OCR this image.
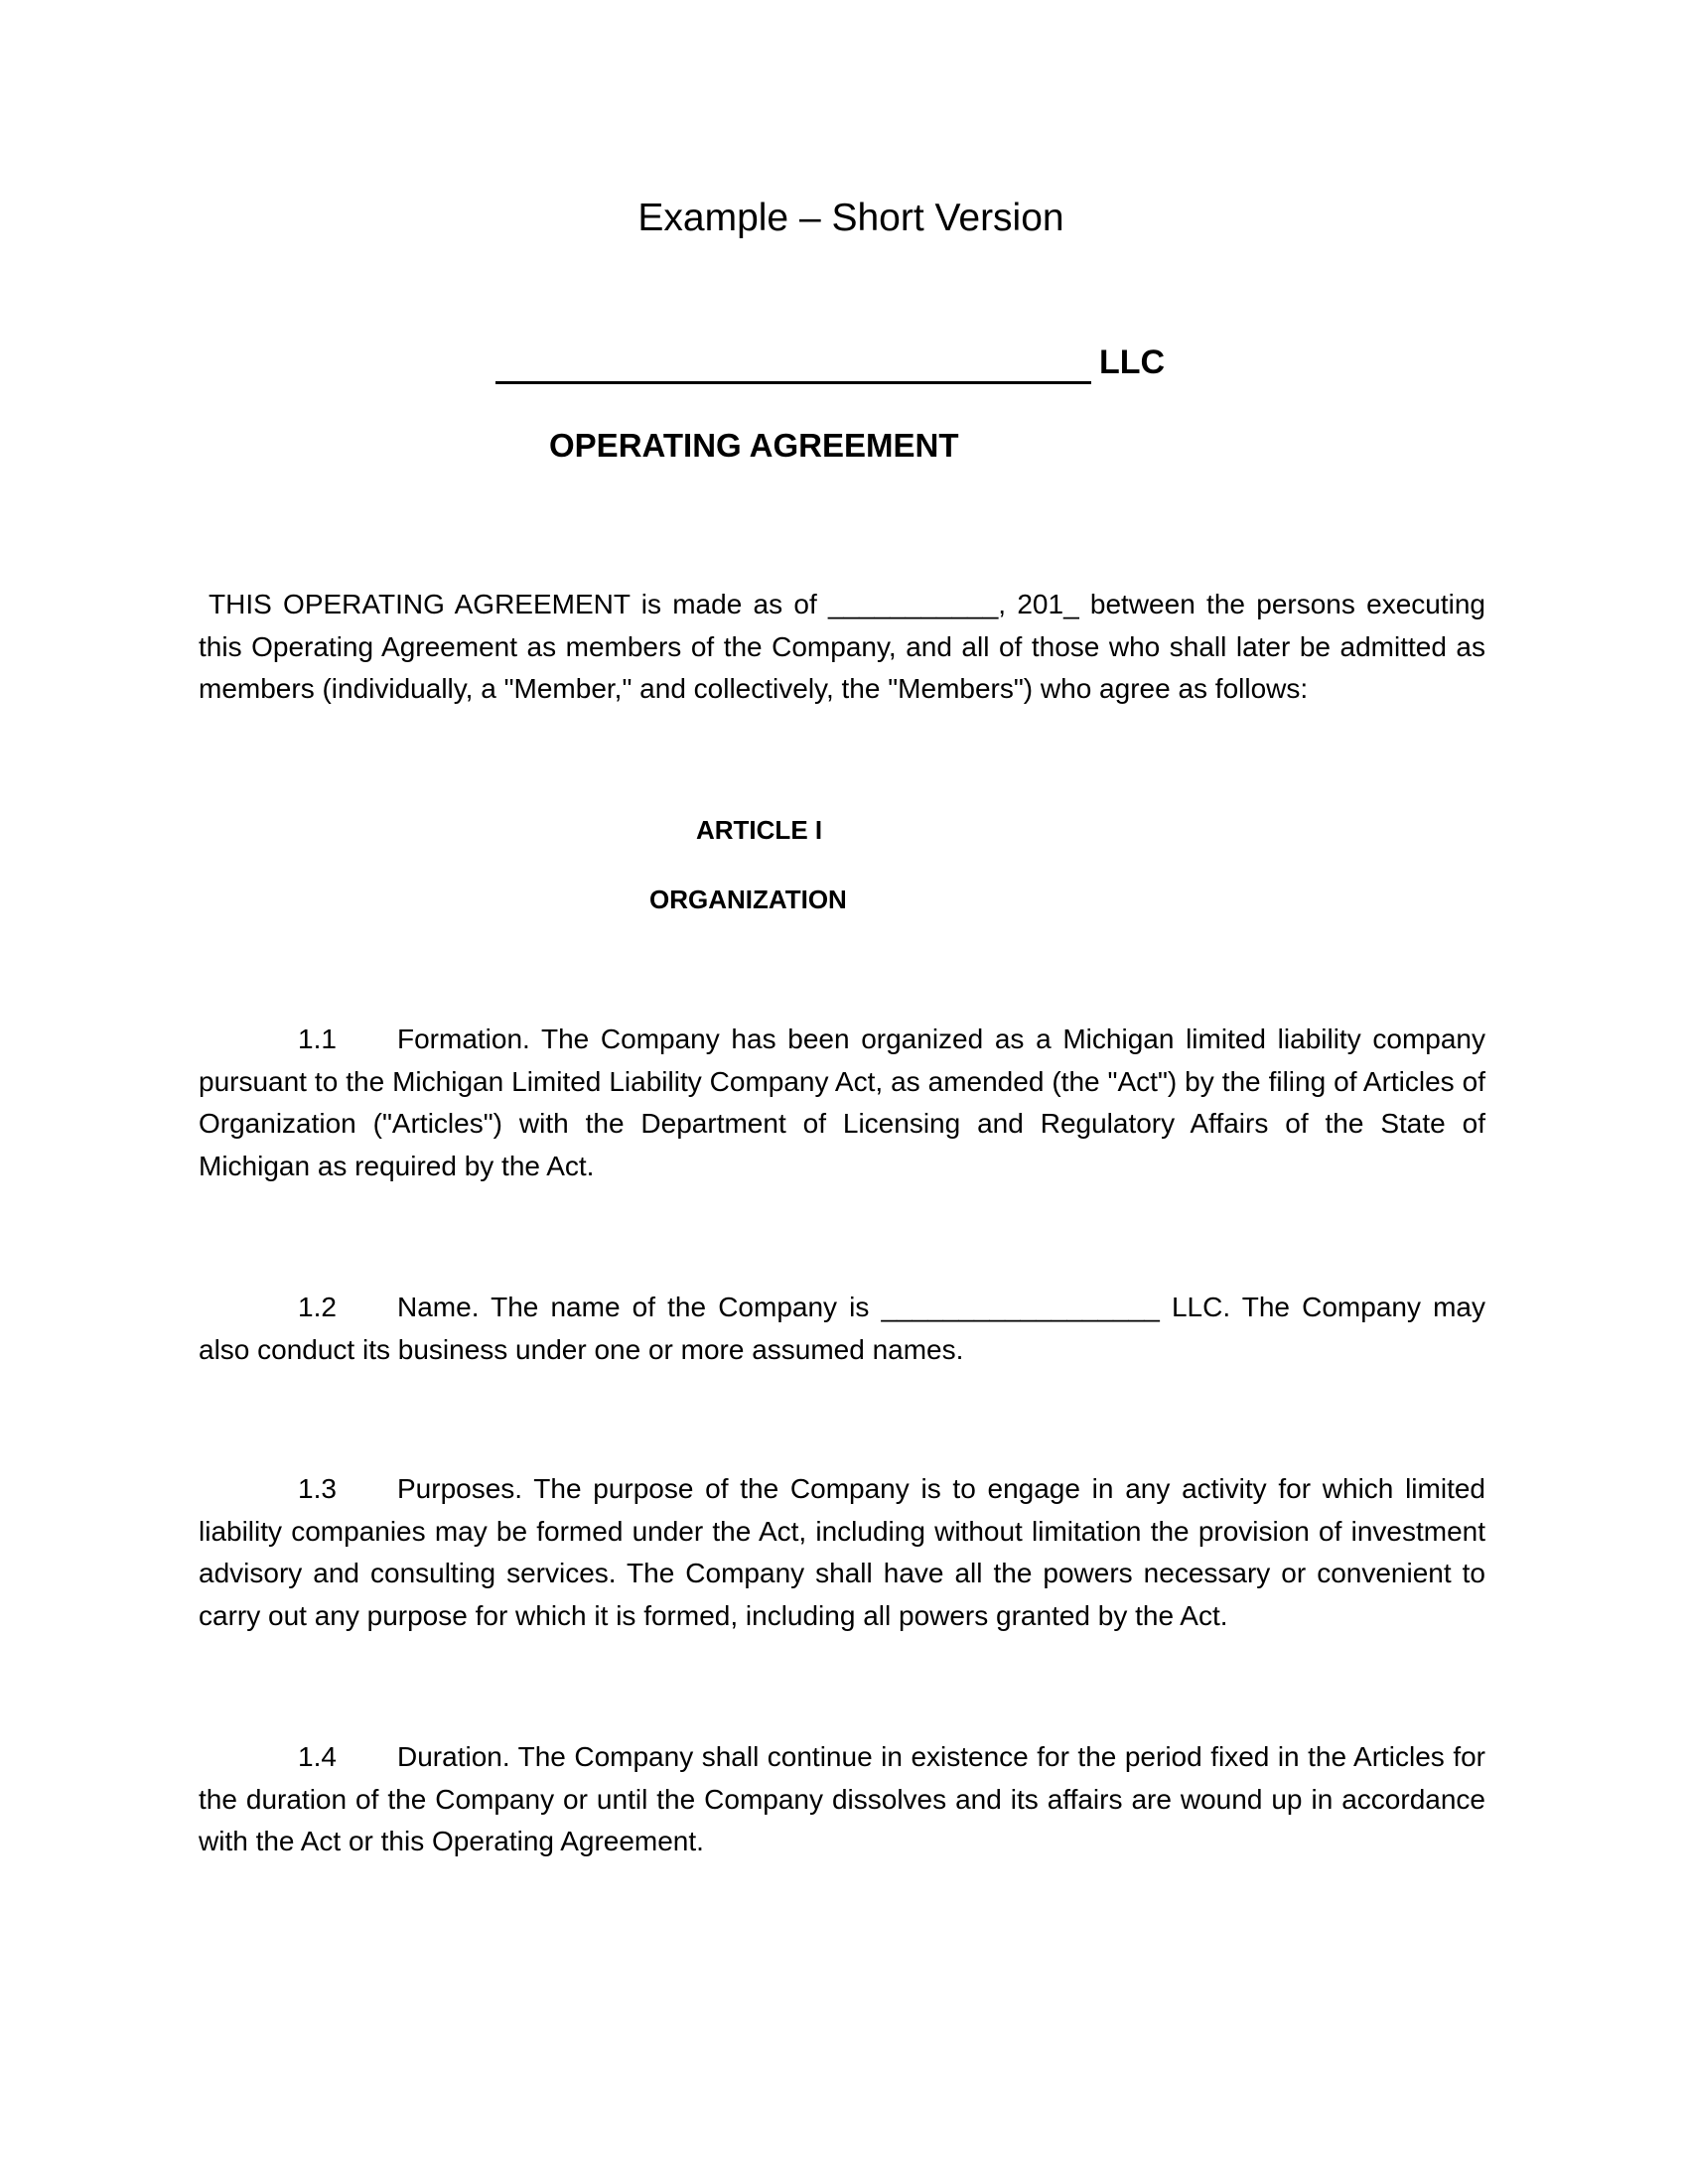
Example – Short Version
LLC
OPERATING AGREEMENT
THIS OPERATING AGREEMENT is made as of ___________, 201_ between the persons executing this Operating Agreement as members of the Company, and all of those who shall later be admitted as members (individually, a "Member," and collectively, the "Members") who agree as follows:
ARTICLE I
ORGANIZATION
1.1 Formation. The Company has been organized as a Michigan limited liability company pursuant to the Michigan Limited Liability Company Act, as amended (the "Act") by the filing of Articles of Organization ("Articles") with the Department of Licensing and Regulatory Affairs of the State of Michigan as required by the Act.
1.2 Name. The name of the Company is __________________ LLC. The Company may also conduct its business under one or more assumed names.
1.3 Purposes. The purpose of the Company is to engage in any activity for which limited liability companies may be formed under the Act, including without limitation the provision of investment advisory and consulting services. The Company shall have all the powers necessary or convenient to carry out any purpose for which it is formed, including all powers granted by the Act.
1.4 Duration. The Company shall continue in existence for the period fixed in the Articles for the duration of the Company or until the Company dissolves and its affairs are wound up in accordance with the Act or this Operating Agreement.
